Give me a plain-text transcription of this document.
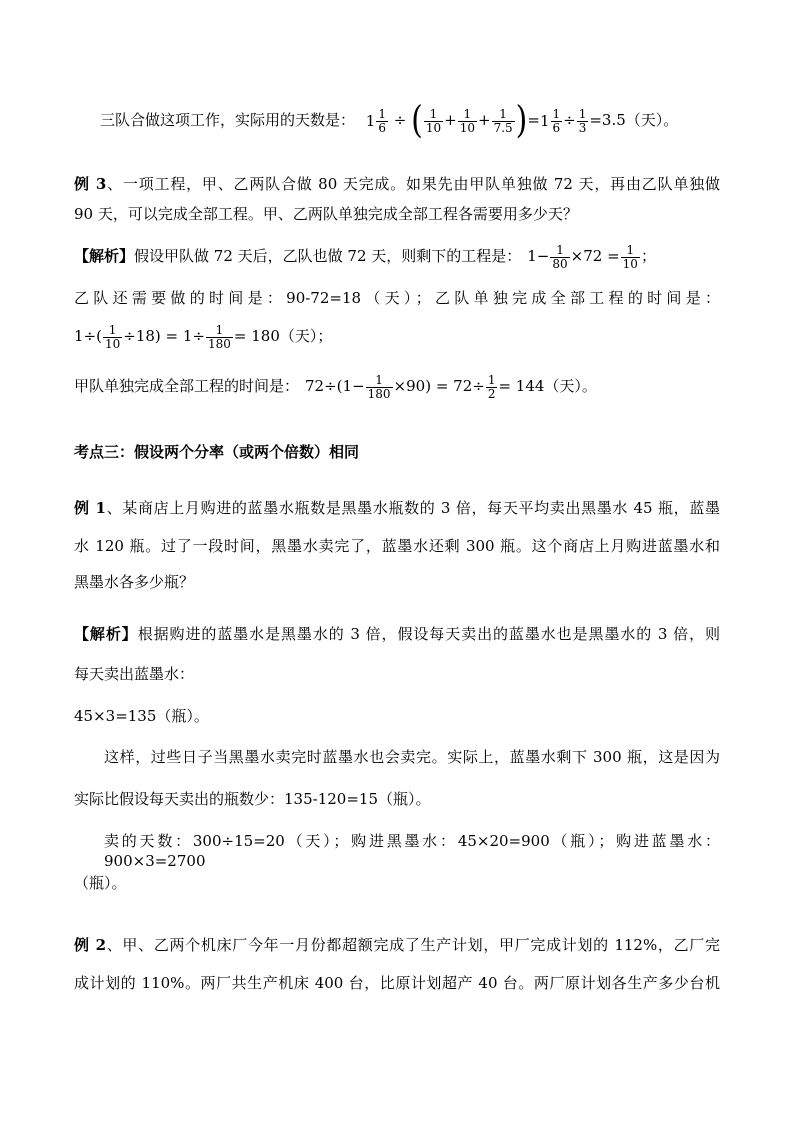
三队合做这项工作，实际用的天数是： $1 \frac{1}{6}$ ÷ ( $\frac{1}{10} + \frac{1}{10} + \frac{1}{7.5} )=1 \frac{1}{6} \div \frac{1}{3} =3.5$（天）。
例 3、一项工程，甲、乙两队合做 80 天完成。如果先由甲队单独做 72 天，再由乙队单独做
90 天，可以完成全部工程。甲、乙两队单独完成全部工程各需要用多少天？
【解析】假设甲队做 72 天后，乙队也做 72 天，则剩下的工程是： $1- \frac{1}{80} \times 72 = \frac{1}{10}$ ；
乙队还需要做的时间是：90-72=18（天）；乙队单独完成全部工程的时间是：
$1\div( \frac{1}{10} \div 18) = 1\div \frac{1}{180} = 180$（天）；
甲队单独完成全部工程的时间是： $72\div(1- \frac{1}{180} \times 90) = 72\div \frac{1}{2} = 144$（天）。
考点三：假设两个分率（或两个倍数）相同
例 1、某商店上月购进的蓝墨水瓶数是黑墨水瓶数的 3 倍，每天平均卖出黑墨水 45 瓶，蓝墨
水 120 瓶。过了一段时间，黑墨水卖完了，蓝墨水还剩 300 瓶。这个商店上月购进蓝墨水和
黑墨水各多少瓶？
【解析】根据购进的蓝墨水是黑墨水的 3 倍，假设每天卖出的蓝墨水也是黑墨水的 3 倍，则
每天卖出蓝墨水：
45×3=135（瓶）。
这样，过些日子当黑墨水卖完时蓝墨水也会卖完。实际上，蓝墨水剩下 300 瓶，这是因为
实际比假设每天卖出的瓶数少：135-120=15（瓶）。
卖的天数：300÷15=20（天）；购进黑墨水：45×20=900（瓶）；购进蓝墨水：900×3=2700
（瓶）。
例 2、甲、乙两个机床厂今年一月份都超额完成了生产计划，甲厂完成计划的 112%，乙厂完
成计划的 110%。两厂共生产机床 400 台，比原计划超产 40 台。两厂原计划各生产多少台机
